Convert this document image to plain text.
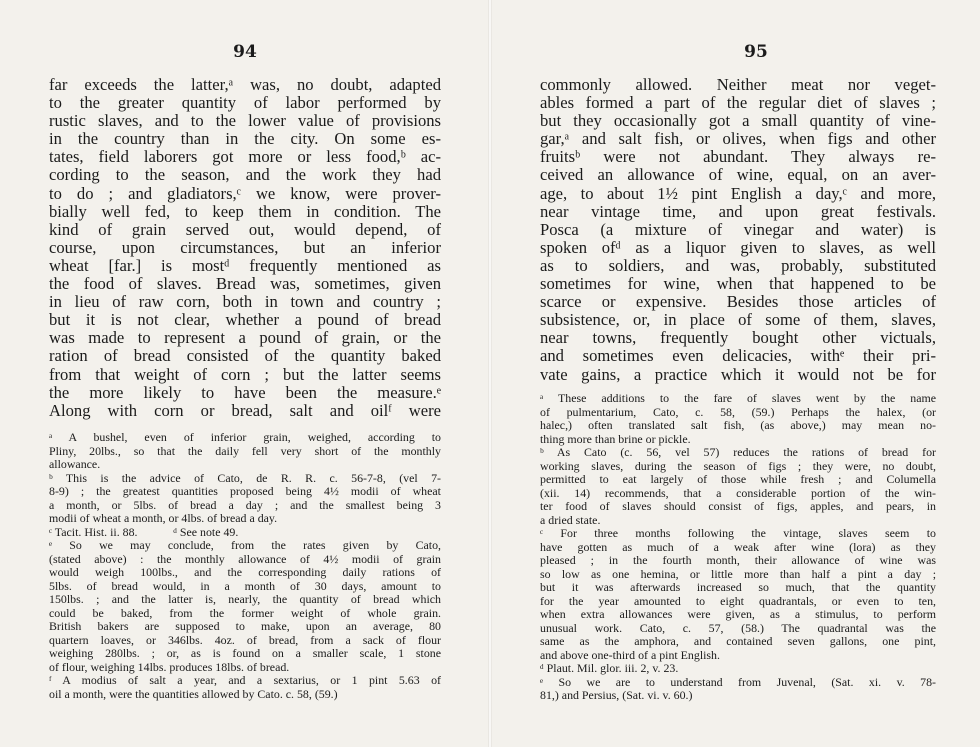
94
far exceeds the latter,ᵃ was, no doubt, adapted
to the greater quantity of labor performed by
rustic slaves, and to the lower value of provisions
in the country than in the city. On some es-
tates, field laborers got more or less food,ᵇ ac-
cording to the season, and the work they had
to do ; and gladiators,ᶜ we know, were prover-
bially well fed, to keep them in condition. The
kind of grain served out, would depend, of
course, upon circumstances, but an inferior
wheat [far.] is mostᵈ frequently mentioned as
the food of slaves. Bread was, sometimes, given
in lieu of raw corn, both in town and country ;
but it is not clear, whether a pound of bread
was made to represent a pound of grain, or the
ration of bread consisted of the quantity baked
from that weight of corn ; but the latter seems
the more likely to have been the measure.ᵉ
Along with corn or bread, salt and oilᶠ were
ᵃ A bushel, even of inferior grain, weighed, according to
Pliny, 20lbs., so that the daily fell very short of the monthly
allowance.
ᵇ This is the advice of Cato, de R. R. c. 56-7-8, (vel 7-
8-9) ; the greatest quantities proposed being 4½ modii of wheat
a month, or 5lbs. of bread a day ; and the smallest being 3
modii of wheat a month, or 4lbs. of bread a day.
ᶜ Tacit. Hist. ii. 88.            ᵈ See note 49.
ᵉ So we may conclude, from the rates given by Cato,
(stated above) : the monthly allowance of 4½ modii of grain
would weigh 100lbs., and the corresponding daily rations of
5lbs. of bread would, in a month of 30 days, amount to
150lbs. ; and the latter is, nearly, the quantity of bread which
could be baked, from the former weight of whole grain.
British bakers are supposed to make, upon an average, 80
quartern loaves, or 346lbs. 4oz. of bread, from a sack of flour
weighing 280lbs. ; or, as is found on a smaller scale, 1 stone
of flour, weighing 14lbs. produces 18lbs. of bread.
ᶠ A modius of salt a year, and a sextarius, or 1 pint 5.63 of
oil a month, were the quantities allowed by Cato. c. 58, (59.)
95
commonly allowed. Neither meat nor veget-
ables formed a part of the regular diet of slaves ;
but they occasionally got a small quantity of vine-
gar,ᵃ and salt fish, or olives, when figs and other
fruitsᵇ were not abundant. They always re-
ceived an allowance of wine, equal, on an aver-
age, to about 1½ pint English a day,ᶜ and more,
near vintage time, and upon great festivals.
Posca (a mixture of vinegar and water) is
spoken ofᵈ as a liquor given to slaves, as well
as to soldiers, and was, probably, substituted
sometimes for wine, when that happened to be
scarce or expensive. Besides those articles of
subsistence, or, in place of some of them, slaves,
near towns, frequently bought other victuals,
and sometimes even delicacies, withᵉ their pri-
vate gains, a practice which it would not be for
ᵃ These additions to the fare of slaves went by the name
of pulmentarium, Cato, c. 58, (59.) Perhaps the halex, (or
halec,) often translated salt fish, (as above,) may mean no-
thing more than brine or pickle.
ᵇ As Cato (c. 56, vel 57) reduces the rations of bread for
working slaves, during the season of figs ; they were, no doubt,
permitted to eat largely of those while fresh ; and Columella
(xii. 14) recommends, that a considerable portion of the win-
ter food of slaves should consist of figs, apples, and pears, in
a dried state.
ᶜ For three months following the vintage, slaves seem to
have gotten as much of a weak after wine (lora) as they
pleased ; in the fourth month, their allowance of wine was
so low as one hemina, or little more than half a pint a day ;
but it was afterwards increased so much, that the quantity
for the year amounted to eight quadrantals, or even to ten,
when extra allowances were given, as a stimulus, to perform
unusual work. Cato, c. 57, (58.) The quadrantal was the
same as the amphora, and contained seven gallons, one pint,
and above one-third of a pint English.
ᵈ Plaut. Mil. glor. iii. 2, v. 23.
ᵉ So we are to understand from Juvenal, (Sat. xi. v. 78-
81,) and Persius, (Sat. vi. v. 60.)
